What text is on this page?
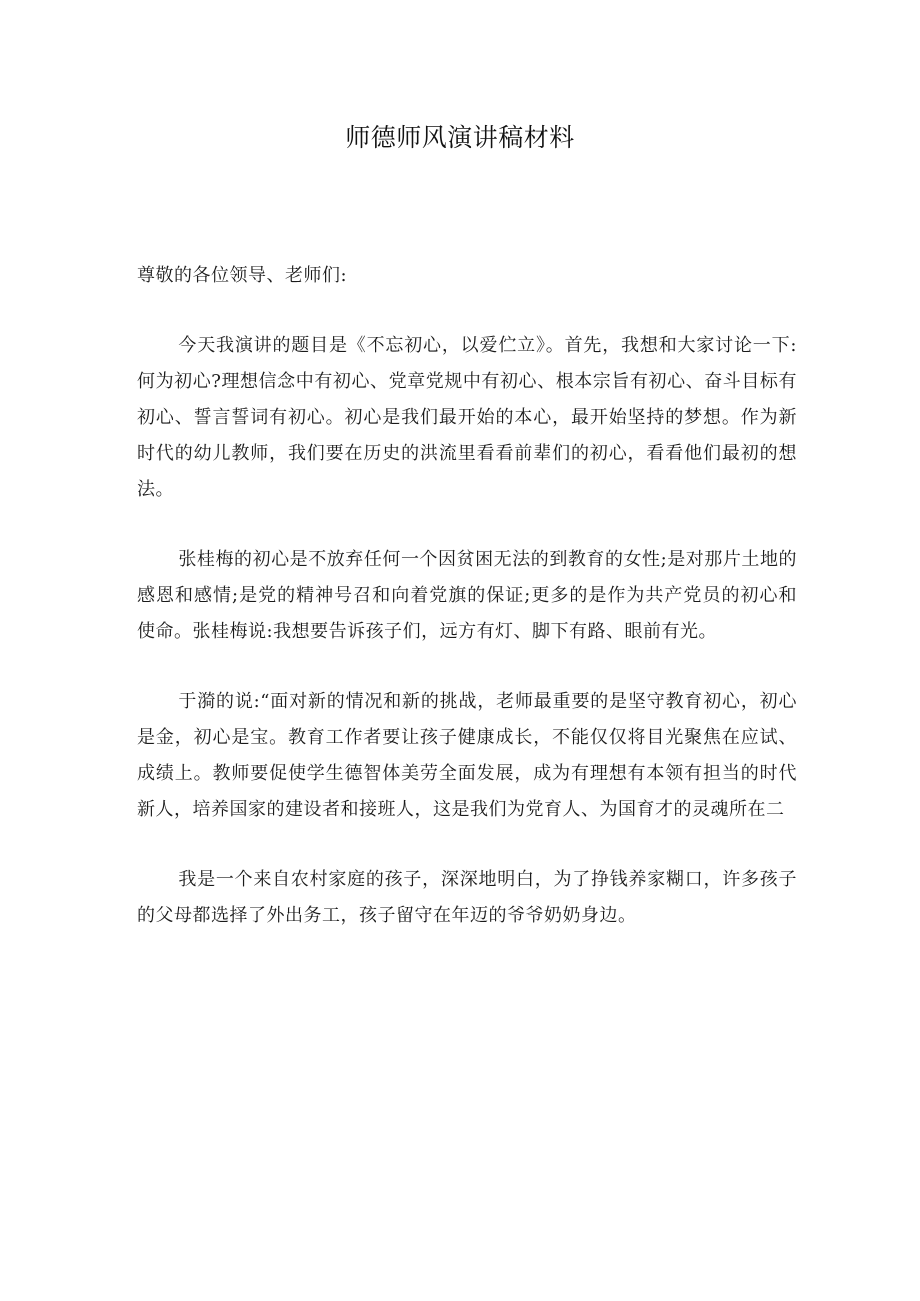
师德师风演讲稿材料

尊敬的各位领导、老师们:

今天我演讲的题目是《不忘初心，以爱伫立》。首先，我想和大家讨论一下:何为初心?理想信念中有初心、党章党规中有初心、根本宗旨有初心、奋斗目标有初心、誓言誓词有初心。初心是我们最开始的本心，最开始坚持的梦想。作为新时代的幼儿教师，我们要在历史的洪流里看看前辈们的初心，看看他们最初的想法。

张桂梅的初心是不放弃任何一个因贫困无法的到教育的女性;是对那片土地的感恩和感情;是党的精神号召和向着党旗的保证;更多的是作为共产党员的初心和使命。张桂梅说:我想要告诉孩子们，远方有灯、脚下有路、眼前有光。

于漪的说:“面对新的情况和新的挑战，老师最重要的是坚守教育初心，初心是金，初心是宝。教育工作者要让孩子健康成长，不能仅仅将目光聚焦在应试、成绩上。教师要促使学生德智体美劳全面发展，成为有理想有本领有担当的时代新人，培养国家的建设者和接班人，这是我们为党育人、为国育才的灵魂所在二

我是一个来自农村家庭的孩子，深深地明白，为了挣钱养家糊口，许多孩子的父母都选择了外出务工，孩子留守在年迈的爷爷奶奶身边。
